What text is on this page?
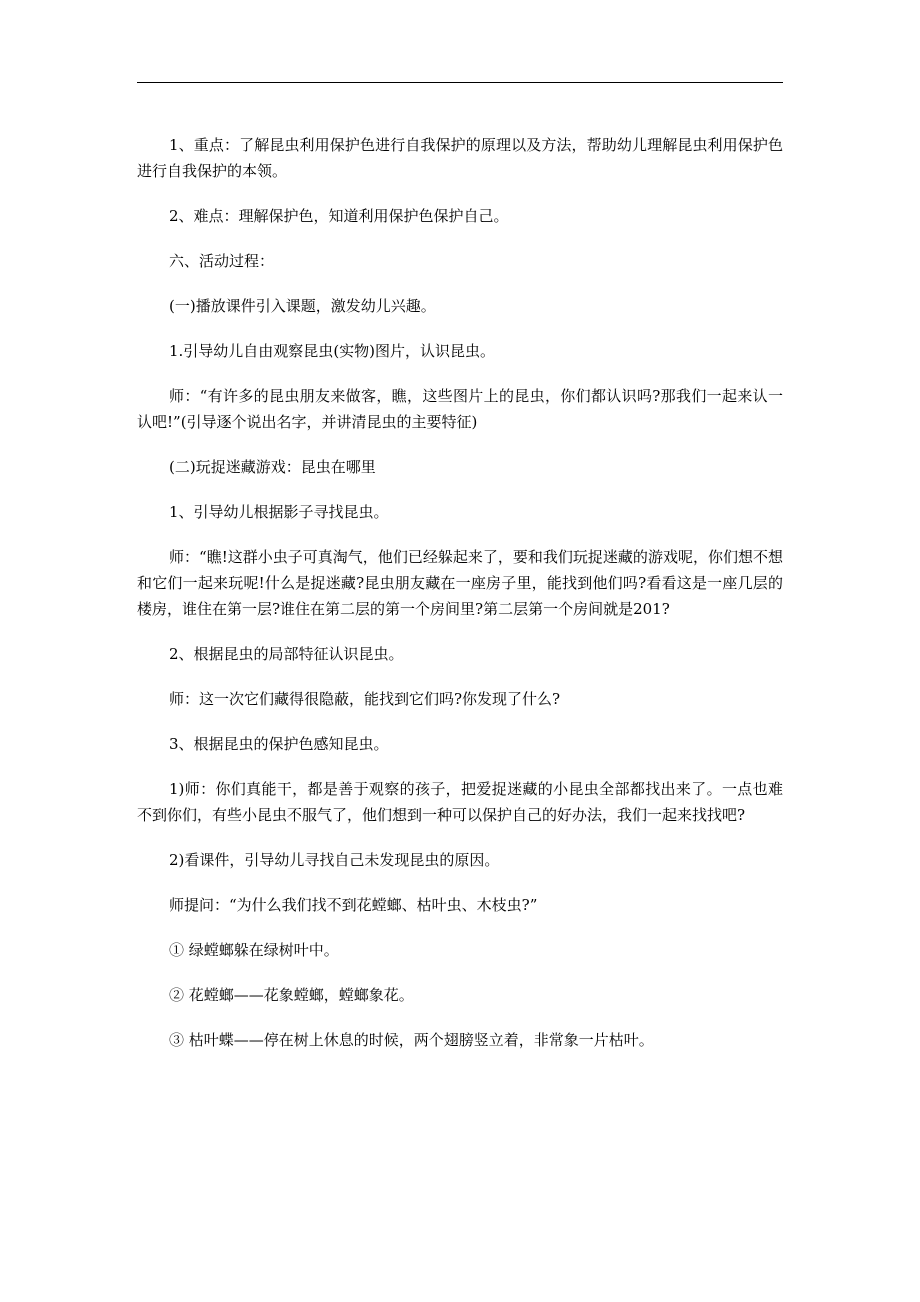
1、重点：了解昆虫利用保护色进行自我保护的原理以及方法，帮助幼儿理解昆虫利用保护色进行自我保护的本领。

2、难点：理解保护色，知道利用保护色保护自己。

六、活动过程：

(一)播放课件引入课题，激发幼儿兴趣。

1.引导幼儿自由观察昆虫(实物)图片，认识昆虫。

师：“有许多的昆虫朋友来做客，瞧，这些图片上的昆虫，你们都认识吗?那我们一起来认一认吧!”(引导逐个说出名字，并讲清昆虫的主要特征)

(二)玩捉迷藏游戏：昆虫在哪里

1、引导幼儿根据影子寻找昆虫。

师：“瞧!这群小虫子可真淘气，他们已经躲起来了，要和我们玩捉迷藏的游戏呢，你们想不想和它们一起来玩呢!什么是捉迷藏?昆虫朋友藏在一座房子里，能找到他们吗?看看这是一座几层的楼房，谁住在第一层?谁住在第二层的第一个房间里?第二层第一个房间就是201?

2、根据昆虫的局部特征认识昆虫。

师：这一次它们藏得很隐蔽，能找到它们吗?你发现了什么?

3、根据昆虫的保护色感知昆虫。

1)师：你们真能干，都是善于观察的孩子，把爱捉迷藏的小昆虫全部都找出来了。一点也难不到你们，有些小昆虫不服气了，他们想到一种可以保护自己的好办法，我们一起来找找吧?

2)看课件，引导幼儿寻找自己未发现昆虫的原因。

师提问：“为什么我们找不到花螳螂、枯叶虫、木枝虫?”

① 绿螳螂躲在绿树叶中。

② 花螳螂——花象螳螂，螳螂象花。

③ 枯叶蝶——停在树上休息的时候，两个翅膀竖立着，非常象一片枯叶。
